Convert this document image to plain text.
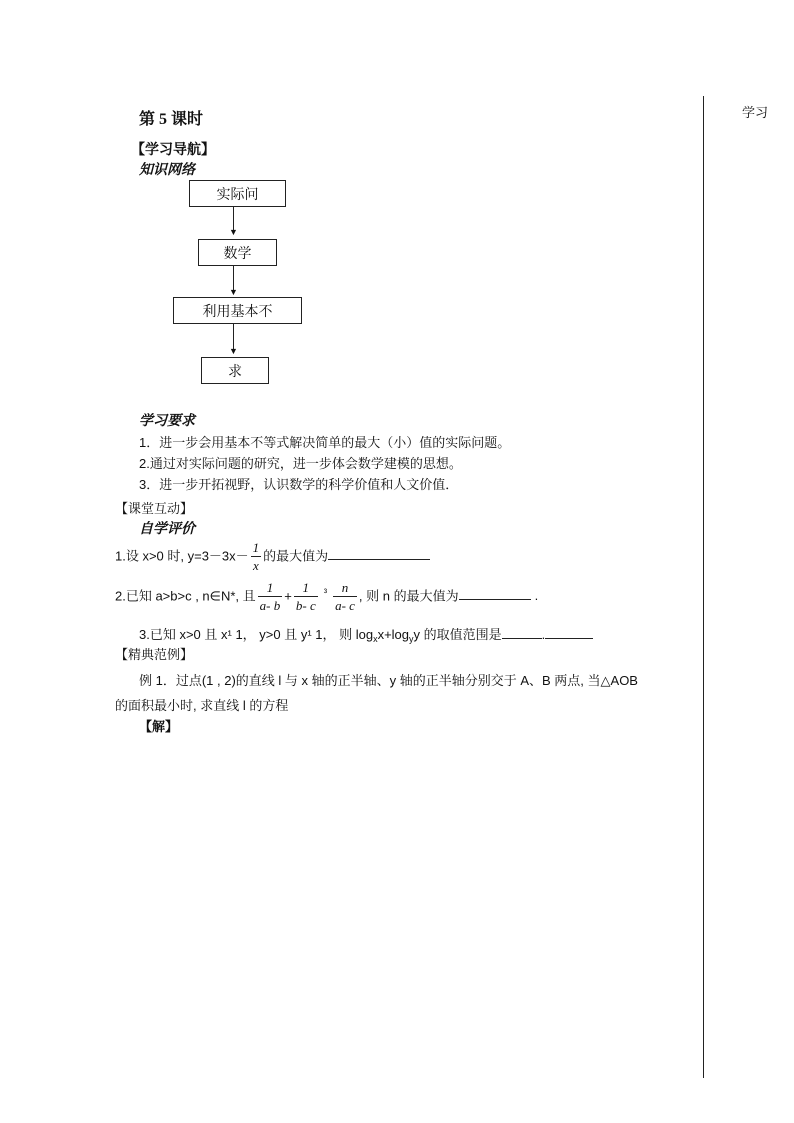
学习
第 5 课时
【学习导航】
知识网络
实际问
▼
数学
▼
利用基本不
▼
求
学习要求
1．进一步会用基本不等式解决简单的最大（小）值的实际问题。
2.通过对实际问题的研究，进一步体会数学建模的思想。
3．进一步开拓视野，认识数学的科学价值和人文价值．
【课堂互动】
自学评价
1.设 x>0 时, $y=3-3x- \frac{1}{x}$ 的最大值为
2.已知 a>b>c , n∈N*, 且 $\frac{1}{a- b} + \frac{1}{b- c} ^{^3} \frac{n}{a- c}$ , 则 n 的最大值为	.
3.已知 x>0 且 x¹ 1， y>0 且 y¹ 1， 则 $\log_xx+\log_yy$ 的取值范围是	.
【精典范例】
例 1．过点(1 , 2)的直线 l 与 x 轴的正半轴、y 轴的正半轴分别交于 A、B 两点, 当△AOB
的面积最小时, 求直线 l 的方程
【解】
